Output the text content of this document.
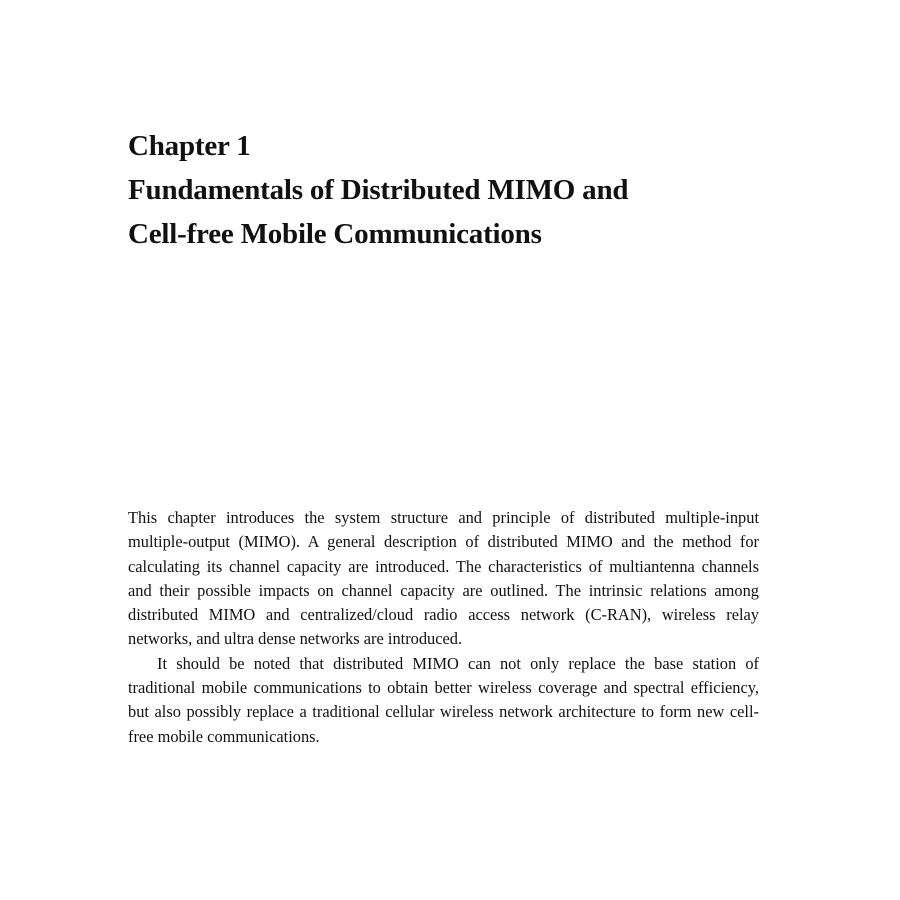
Chapter 1
Fundamentals of Distributed MIMO and
Cell-free Mobile Communications

This chapter introduces the system structure and principle of distributed multiple-input multiple-output (MIMO). A general description of distributed MIMO and the method for calculating its channel capacity are introduced. The characteristics of multiantenna channels and their possible impacts on channel capacity are outlined. The intrinsic relations among distributed MIMO and centralized/cloud radio access network (C-RAN), wireless relay networks, and ultra dense networks are introduced.

It should be noted that distributed MIMO can not only replace the base station of traditional mobile communications to obtain better wireless coverage and spectral efficiency, but also possibly replace a traditional cellular wireless network architecture to form new cell-free mobile communications.
